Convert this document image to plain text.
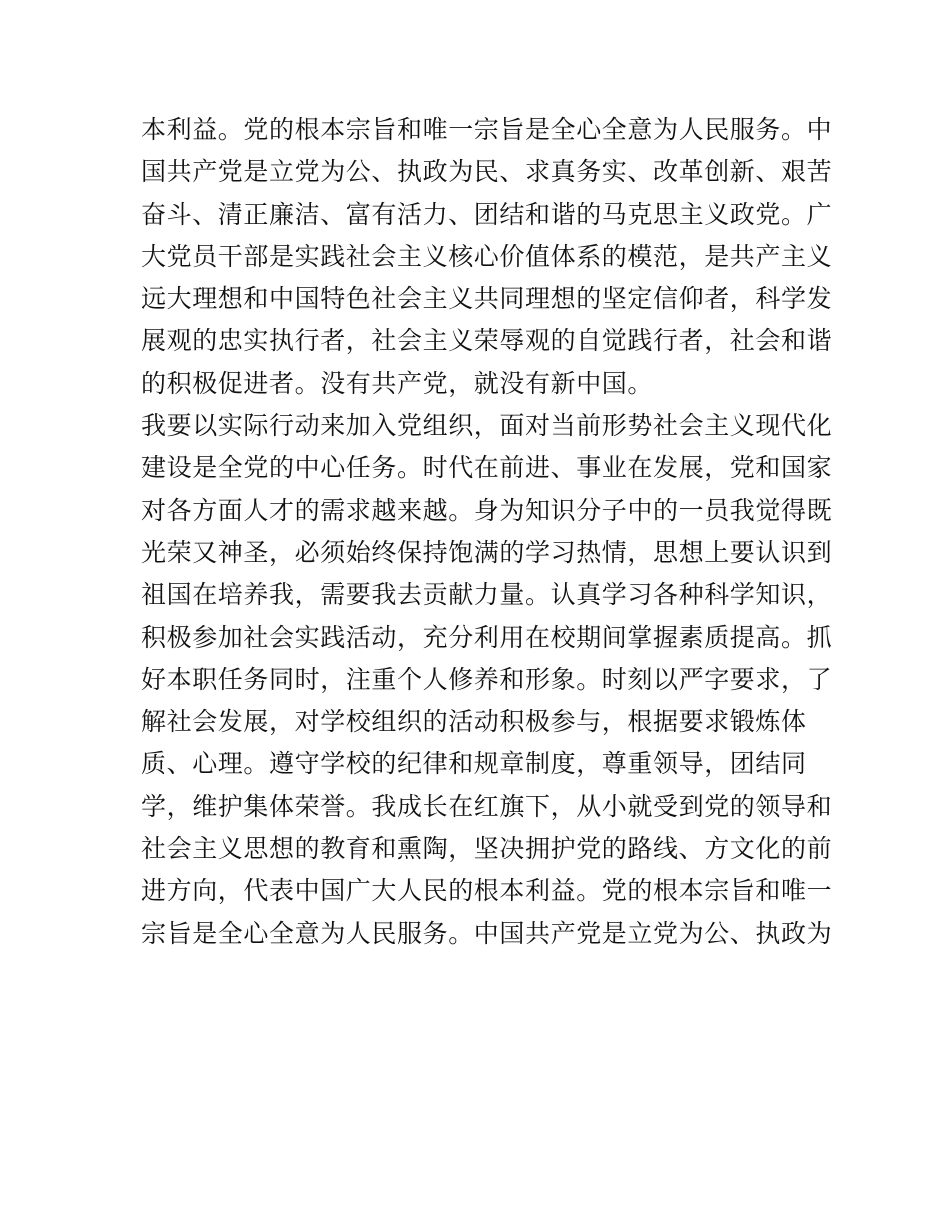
本利益。党的根本宗旨和唯一宗旨是全心全意为人民服务。中
国共产党是立党为公、执政为民、求真务实、改革创新、艰苦
奋斗、清正廉洁、富有活力、团结和谐的马克思主义政党。广
大党员干部是实践社会主义核心价值体系的模范，是共产主义
远大理想和中国特色社会主义共同理想的坚定信仰者，科学发
展观的忠实执行者，社会主义荣辱观的自觉践行者，社会和谐
的积极促进者。没有共产党，就没有新中国。
我要以实际行动来加入党组织，面对当前形势社会主义现代化
建设是全党的中心任务。时代在前进、事业在发展，党和国家
对各方面人才的需求越来越。身为知识分子中的一员我觉得既
光荣又神圣，必须始终保持饱满的学习热情，思想上要认识到
祖国在培养我，需要我去贡献力量。认真学习各种科学知识，
积极参加社会实践活动，充分利用在校期间掌握素质提高。抓
好本职任务同时，注重个人修养和形象。时刻以严字要求，了
解社会发展，对学校组织的活动积极参与，根据要求锻炼体
质、心理。遵守学校的纪律和规章制度，尊重领导，团结同
学，维护集体荣誉。我成长在红旗下，从小就受到党的领导和
社会主义思想的教育和熏陶，坚决拥护党的路线、方文化的前
进方向，代表中国广大人民的根本利益。党的根本宗旨和唯一
宗旨是全心全意为人民服务。中国共产党是立党为公、执政为
